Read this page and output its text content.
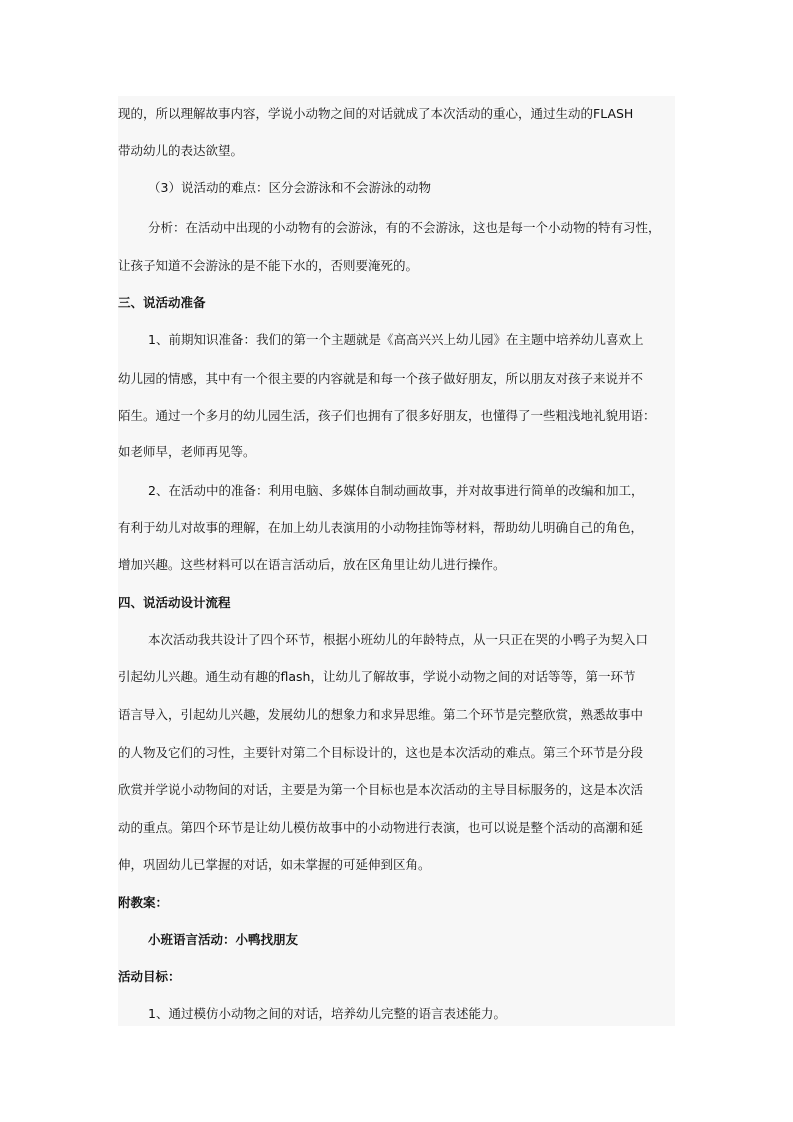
现的，所以理解故事内容，学说小动物之间的对话就成了本次活动的重心，通过生动的FLASH
带动幼儿的表达欲望。
（3）说活动的难点：区分会游泳和不会游泳的动物
分析：在活动中出现的小动物有的会游泳，有的不会游泳，这也是每一个小动物的特有习性，
让孩子知道不会游泳的是不能下水的，否则要淹死的。
三、说活动准备
1、前期知识准备：我们的第一个主题就是《高高兴兴上幼儿园》在主题中培养幼儿喜欢上
幼儿园的情感，其中有一个很主要的内容就是和每一个孩子做好朋友，所以朋友对孩子来说并不
陌生。通过一个多月的幼儿园生活，孩子们也拥有了很多好朋友，也懂得了一些粗浅地礼貌用语：
如老师早，老师再见等。
2、在活动中的准备：利用电脑、多媒体自制动画故事，并对故事进行简单的改编和加工，
有利于幼儿对故事的理解，在加上幼儿表演用的小动物挂饰等材料，帮助幼儿明确自己的角色，
增加兴趣。这些材料可以在语言活动后，放在区角里让幼儿进行操作。
四、说活动设计流程
本次活动我共设计了四个环节，根据小班幼儿的年龄特点，从一只正在哭的小鸭子为契入口
引起幼儿兴趣。通生动有趣的flash，让幼儿了解故事，学说小动物之间的对话等等，第一环节
语言导入，引起幼儿兴趣，发展幼儿的想象力和求异思维。第二个环节是完整欣赏，熟悉故事中
的人物及它们的习性，主要针对第二个目标设计的，这也是本次活动的难点。第三个环节是分段
欣赏并学说小动物间的对话，主要是为第一个目标也是本次活动的主导目标服务的，这是本次活
动的重点。第四个环节是让幼儿模仿故事中的小动物进行表演，也可以说是整个活动的高潮和延
伸，巩固幼儿已掌握的对话，如未掌握的可延伸到区角。
附教案：
小班语言活动：小鸭找朋友
活动目标：
1、通过模仿小动物之间的对话，培养幼儿完整的语言表述能力。
